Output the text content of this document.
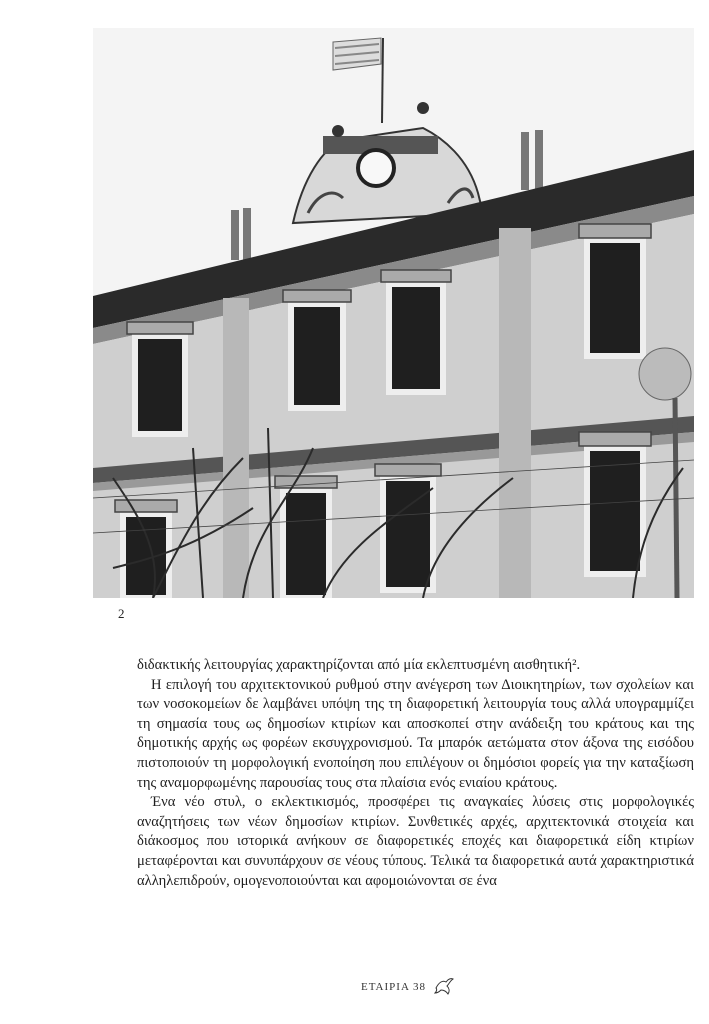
2

διδακτικής λειτουργίας χαρακτηρίζονται από μία εκλεπτυσμένη αισθητική².

Η επιλογή του αρχιτεκτονικού ρυθμού στην ανέγερση των Διοικητηρίων, των σχολείων και των νοσοκομείων δε λαμβάνει υπόψη της τη διαφορετική λειτουργία τους αλλά υπογραμμίζει τη σημασία τους ως δημοσίων κτιρίων και αποσκοπεί στην ανάδειξη του κράτους και της δημοτικής αρχής ως φορέων εκσυγχρονισμού. Τα μπαρόκ αετώματα στον άξονα της εισόδου πιστοποιούν τη μορφολογική ενοποίηση που επιλέγουν οι δημόσιοι φορείς για την καταξίωση της αναμορφωμένης παρουσίας τους στα πλαίσια ενός ενιαίου κράτους.

Ένα νέο στυλ, ο εκλεκτικισμός, προσφέρει τις αναγκαίες λύσεις στις μορφολογικές αναζητήσεις των νέων δημοσίων κτιρίων. Συνθετικές αρχές, αρχιτεκτονικά στοιχεία και διάκοσμος που ιστορικά ανήκουν σε διαφορετικές εποχές και διαφορετικά είδη κτιρίων μεταφέρονται και συνυπάρχουν σε νέους τύπους. Τελικά τα διαφορετικά αυτά χαρακτηριστικά αλληλεπιδρούν, ομογενοποιούνται και αφομοιώνονται σε ένα

ΕΤΑΙΡΙΑ 38
